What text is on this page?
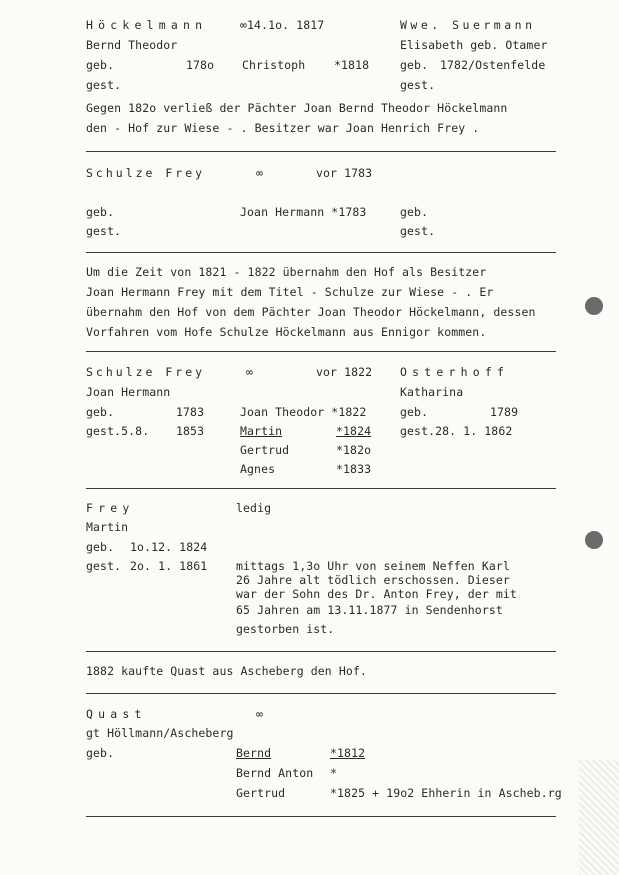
Höckelmann	∞14.1o. 1817	Wwe. Suermann
Bernd Theodor	Elisabeth geb. Otamer
geb.	178o Christoph	*1818	geb. 1782/Ostenfelde
gest.	gest.
Gegen 182o verließ der Pächter Joan Bernd Theodor Höckelmann
den - Hof zur Wiese - . Besitzer war Joan Henrich Frey .
Schulze Frey	∞	vor 1783
geb.	Joan Hermann *1783	geb.
gest.	gest.
Um die Zeit von 1821 - 1822 übernahm den Hof als Besitzer
Joan Hermann Frey mit dem Titel - Schulze zur Wiese - . Er
übernahm den Hof von dem Pächter Joan Theodor Höckelmann, dessen
Vorfahren vom Hofe Schulze Höckelmann aus Ennigor kommen.
Schulze Frey	∞	vor 1822 Osterhoff
Joan Hermann	Katharina
geb.	1783	Joan Theodor *1822	geb.	1789
gest.5.8. 1853	Martin	*1824	gest.28. 1. 1862
Gertrud	*182o
Agnes	*1833
Frey	ledig
Martin
geb. 1o.12. 1824
gest. 2o. 1. 1861 mittags 1,3o Uhr von seinem Neffen Karl
26 Jahre alt tödlich erschossen. Dieser
war der Sohn des Dr. Anton Frey, der mit
65 Jahren am 13.11.1877 in Sendenhorst
gestorben ist.
1882 kaufte Quast aus Ascheberg den Hof.
Quast	∞
gt Höllmann/Ascheberg
geb.	Bernd	*1812
Bernd Anton *
Gertrud	*1825 + 19o2 Ehherin in Ascheb.rg
